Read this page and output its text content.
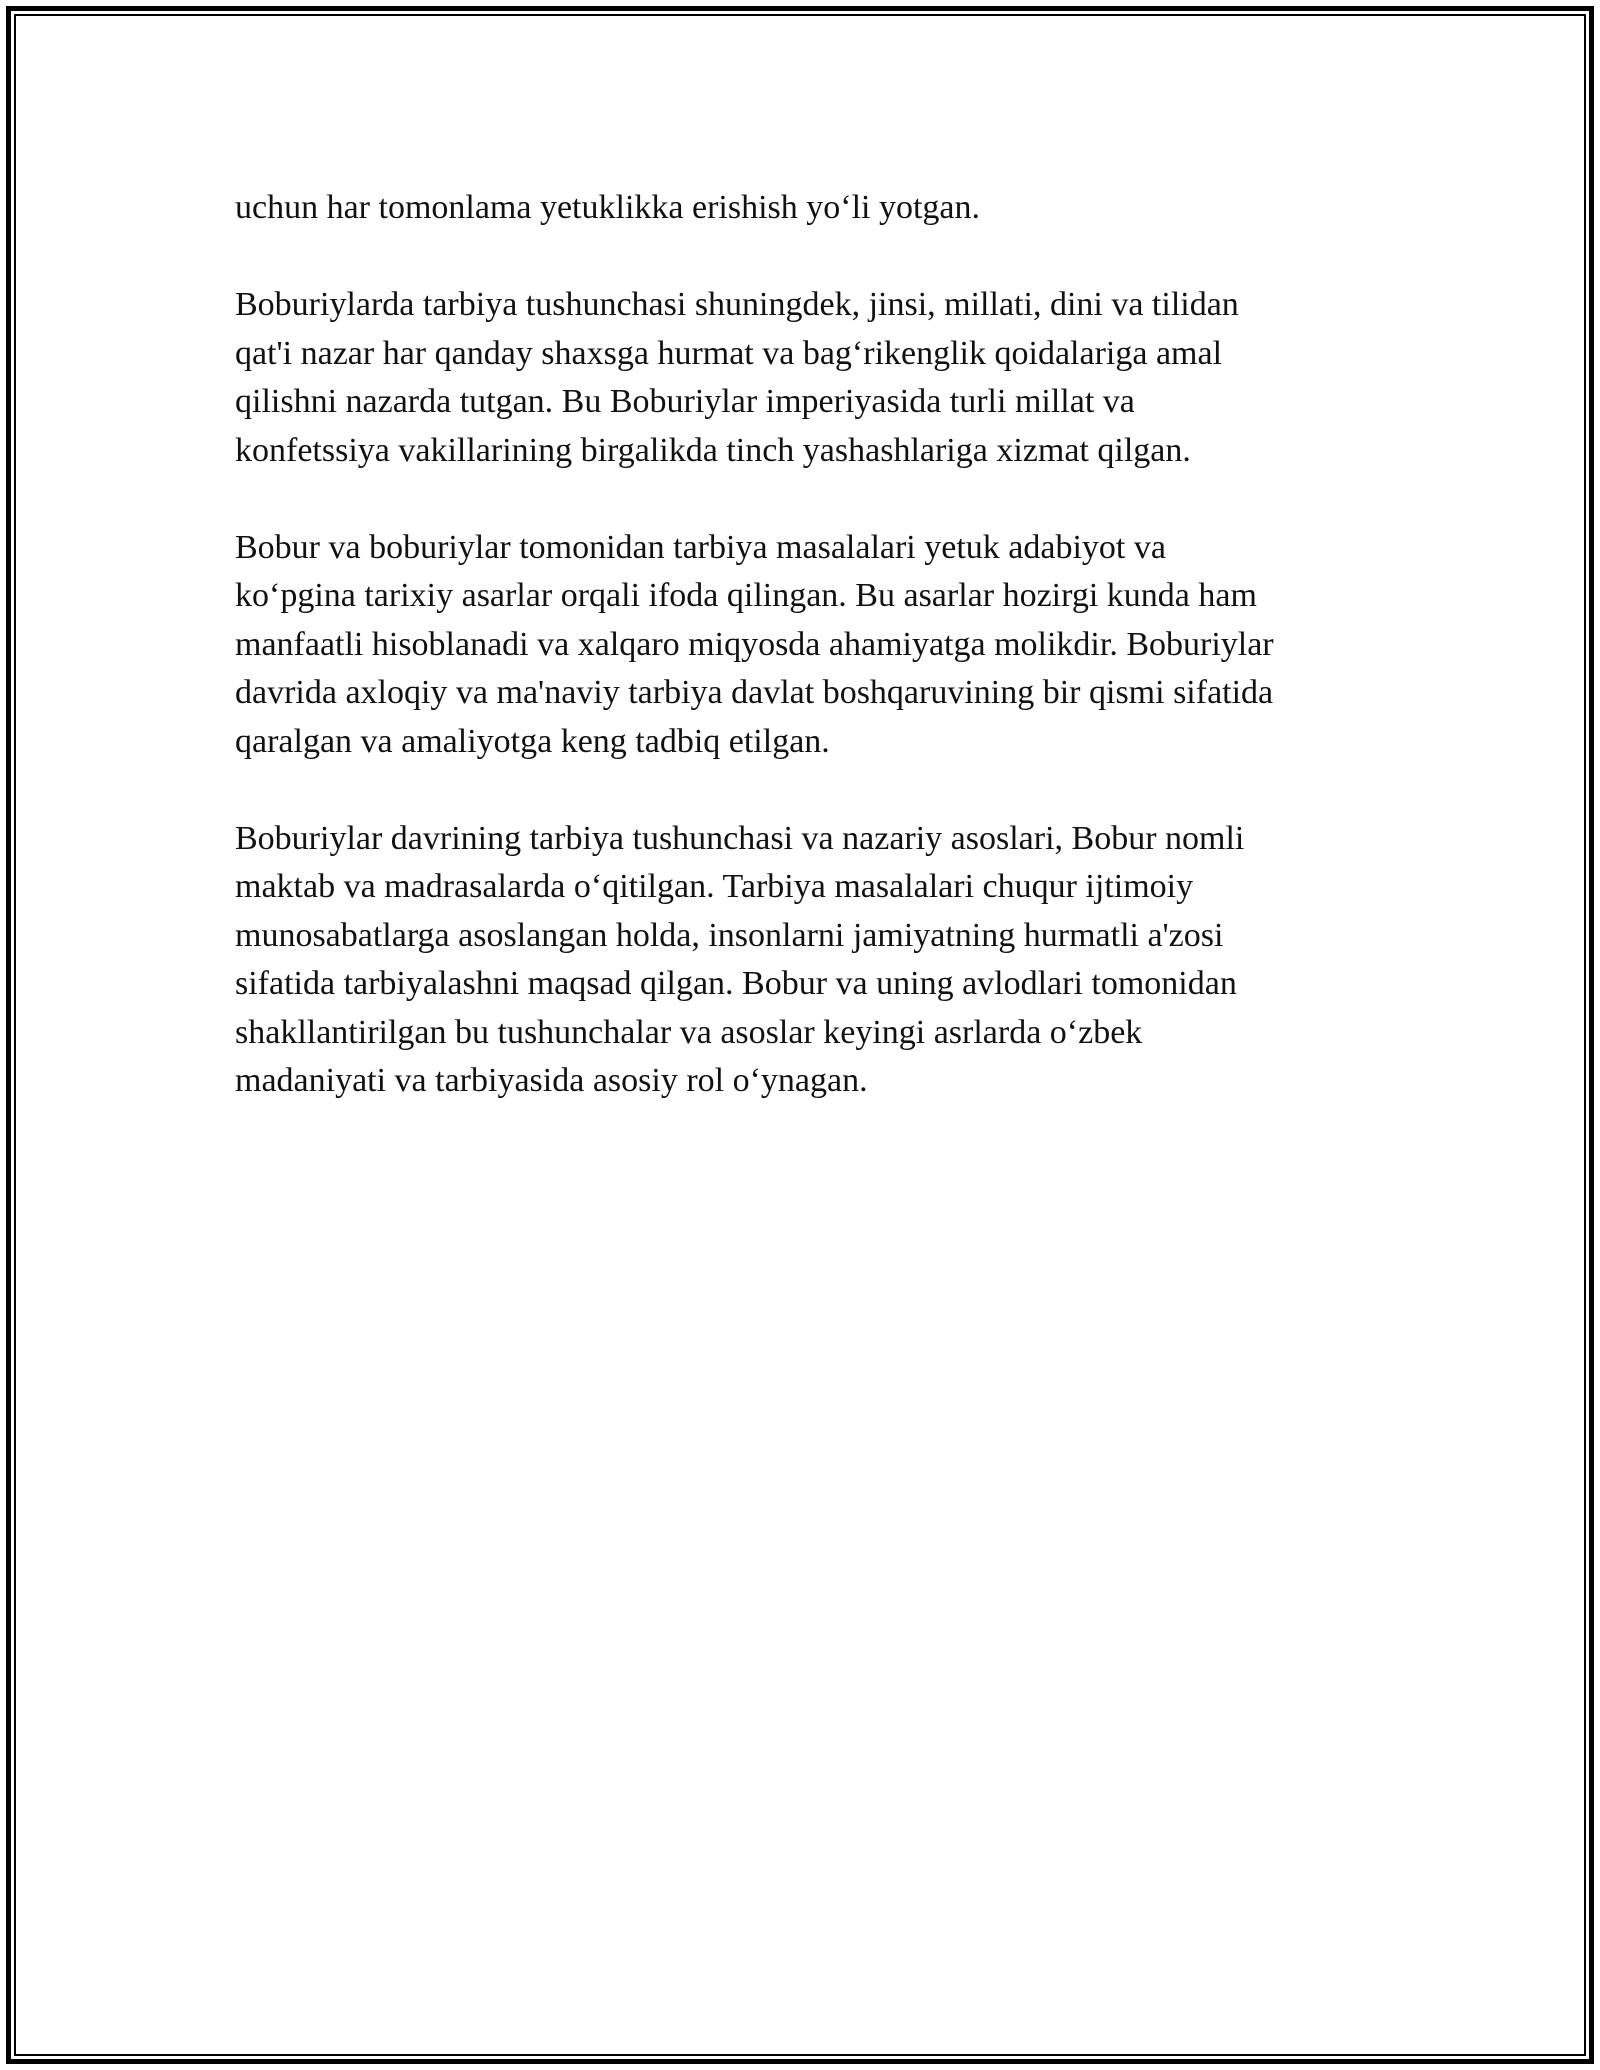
uchun har tomonlama yetuklikka erishish yo‘li yotgan.

Boburiylarda tarbiya tushunchasi shuningdek, jinsi, millati, dini va tilidan
qat'i nazar har qanday shaxsga hurmat va bag‘rikenglik qoidalariga amal
qilishni nazarda tutgan. Bu Boburiylar imperiyasida turli millat va
konfetssiya vakillarining birgalikda tinch yashashlariga xizmat qilgan.

Bobur va boburiylar tomonidan tarbiya masalalari yetuk adabiyot va
ko‘pgina tarixiy asarlar orqali ifoda qilingan. Bu asarlar hozirgi kunda ham
manfaatli hisoblanadi va xalqaro miqyosda ahamiyatga molikdir. Boburiylar
davrida axloqiy va ma'naviy tarbiya davlat boshqaruvining bir qismi sifatida
qaralgan va amaliyotga keng tadbiq etilgan.

Boburiylar davrining tarbiya tushunchasi va nazariy asoslari, Bobur nomli
maktab va madrasalarda o‘qitilgan. Tarbiya masalalari chuqur ijtimoiy
munosabatlarga asoslangan holda, insonlarni jamiyatning hurmatli a'zosi
sifatida tarbiyalashni maqsad qilgan. Bobur va uning avlodlari tomonidan
shakllantirilgan bu tushunchalar va asoslar keyingi asrlarda o‘zbek
madaniyati va tarbiyasida asosiy rol o‘ynagan.
